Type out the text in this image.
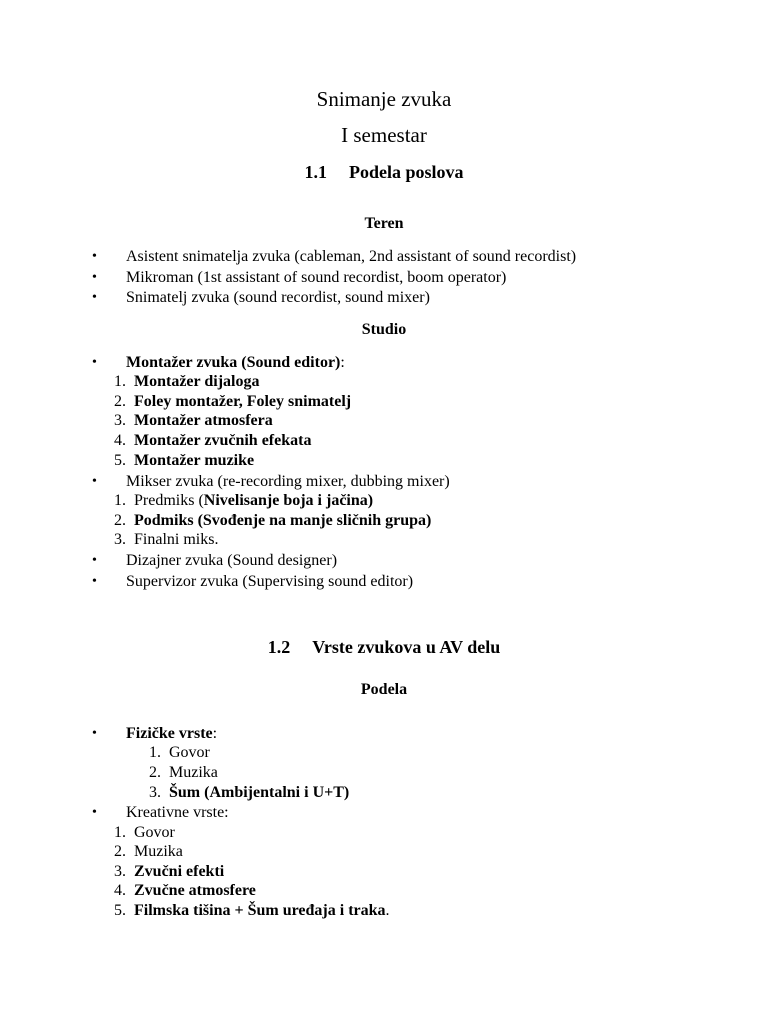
Snimanje zvuka
I semestar
1.1 Podela poslova
Teren
• Asistent snimatelja zvuka (cableman, 2nd assistant of sound recordist)
• Mikroman (1st assistant of sound recordist, boom operator)
• Snimatelj zvuka (sound recordist, sound mixer)
Studio
• Montažer zvuka (Sound editor):
1. Montažer dijaloga
2. Foley montažer, Foley snimatelj
3. Montažer atmosfera
4. Montažer zvučnih efekata
5. Montažer muzike
• Mikser zvuka (re-recording mixer, dubbing mixer)
1. Predmiks (Nivelisanje boja i jačina)
2. Podmiks (Svođenje na manje sličnih grupa)
3. Finalni miks.
• Dizajner zvuka (Sound designer)
• Supervizor zvuka (Supervising sound editor)
1.2 Vrste zvukova u AV delu
Podela
• Fizičke vrste:
1. Govor
2. Muzika
3. Šum (Ambijentalni i U+T)
• Kreativne vrste:
1. Govor
2. Muzika
3. Zvučni efekti
4. Zvučne atmosfere
5. Filmska tišina + Šum uređaja i traka.
